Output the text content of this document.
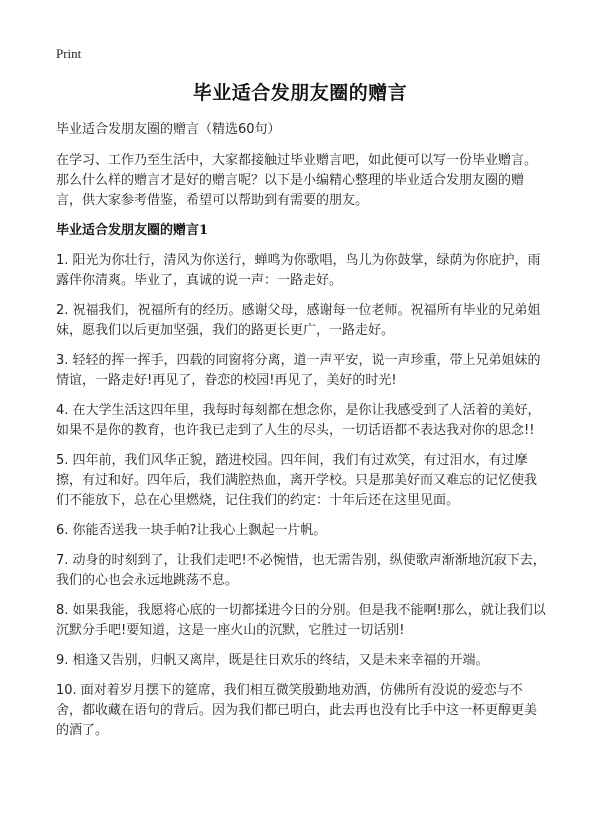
Print
毕业适合发朋友圈的赠言

毕业适合发朋友圈的赠言（精选60句）

在学习、工作乃至生活中，大家都接触过毕业赠言吧，如此便可以写一份毕业赠言。那么什么样的赠言才是好的赠言呢？以下是小编精心整理的毕业适合发朋友圈的赠言，供大家参考借鉴，希望可以帮助到有需要的朋友。

毕业适合发朋友圈的赠言1

1. 阳光为你壮行，清风为你送行，蝉鸣为你歌唱，鸟儿为你鼓掌，绿荫为你庇护，雨露伴你清爽。毕业了，真诚的说一声：一路走好。

2. 祝福我们，祝福所有的经历。感谢父母，感谢每一位老师。祝福所有毕业的兄弟姐妹，愿我们以后更加坚强，我们的路更长更广，一路走好。

3. 轻轻的挥一挥手，四载的同窗将分离，道一声平安，说一声珍重，带上兄弟姐妹的情谊，一路走好!再见了，眷恋的校园!再见了，美好的时光!

4. 在大学生活这四年里，我每时每刻都在想念你，是你让我感受到了人活着的美好，如果不是你的教育，也许我已走到了人生的尽头，一切话语都不表达我对你的思念!!

5. 四年前，我们风华正貌，踏进校园。四年间，我们有过欢笑，有过泪水，有过摩擦，有过和好。四年后，我们满腔热血，离开学校。只是那美好而又难忘的记忆使我们不能放下，总在心里燃烧，记住我们的约定：十年后还在这里见面。

6. 你能否送我一块手帕?让我心上飘起一片帆。

7. 动身的时刻到了，让我们走吧!不必惋惜，也无需告别，纵使歌声渐渐地沉寂下去，我们的心也会永远地跳荡不息。

8. 如果我能，我愿将心底的一切都揉进今日的分别。但是我不能啊!那么，就让我们以沉默分手吧!要知道，这是一座火山的沉默，它胜过一切话别!

9. 相逢又告别，归帆又离岸，既是往日欢乐的终结，又是未来幸福的开端。

10. 面对着岁月摆下的筵席，我们相互微笑殷勤地劝酒，仿佛所有没说的爱恋与不舍，都收藏在语句的背后。因为我们都已明白，此去再也没有比手中这一杯更醇更美的酒了。
